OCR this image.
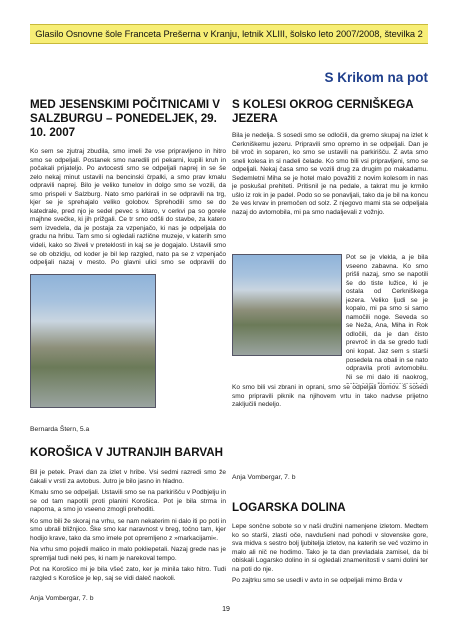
Glasilo Osnovne šole Franceta Prešerna v Kranju, letnik XLIII, šolsko leto 2007/2008, številka 2
S Krikom na pot
MED JESENSKIMI POČITNICAMI V SALZBURGU – PONEDELJEK, 29. 10. 2007

Ko sem se zjutraj zbudila, smo imeli že vse pripravljeno in hitro smo se odpeljali. Postanek smo naredili pri pekarni, kupili kruh in počakali prijateljo. Po avtocesti smo se odpeljali naprej in se še zelo nekaj minut ustavili na bencinski črpalki, a smo prav kmalu odpravili naprej. Bilo je veliko tunelov in dolgo smo se vozili, da smo prispeli v Salzburg. Nato smo parkirali in se odpravili na trg, kjer se je sprehajalo veliko golobov. Sprehodili smo se do katedrale, pred njo je sedel pevec s kitaro, v cerkvi pa so gorele majhne svečke, ki jih prižgali. Ce tr smo odšli do stavbe, za katero sem izvedela, da je postaja za vzpenjačo, ki nas je odpeljala do gradu na hribu. Tam smo si ogledali različne muzeje, v katerih smo videli, kako so živeli v preteklosti in kaj se je dogajalo. Ustavili smo se ob obzidju, od koder je bil lep razgled, nato pa se z vzpenjačo odpeljali nazaj v mesto. Po glavni ulici smo se odpravili do

Bernarda Štern, 5.a
KOROŠICA V JUTRANJIH BARVAH

Bil je petek. Pravi dan za izlet v hribe. Vsi sedmi razredi smo že čakali v vrsti za avtobus. Jutro je bilo jasno in hladno.

Kmalu smo se odpeljali. Ustavili smo se na parkirišču v Podbjelju in se od tam napotili proti planini Korošica. Pot je bila strma in naporna, a smo jo vseeno zmogli prehoditi.

Ko smo bili že skoraj na vrhu, se nam nekaterim ni dalo iti po poti in smo ubrali bližnjico. Ške smo kar naravnost v breg, točno tam, kjer hodijo krave, tako da smo imele pot opremljeno z »markacijami«.

Na vrhu smo pojedli malico in malo pokliepetali. Nazaj grede nas je spremljal tudi neki pes, ki nam je narekoval tempo.

Pot na Korošico mi je bila všeč zato, ker je minila tako hitro. Tudi razgled s Korošice je lep, saj se vidi daleč naokoli.

Anja Vombergar, 7. b
S KOLESI OKROG CERNIŠKEGA JEZERA

Bila je nedelja. S sosedi smo se odločili, da gremo skupaj na izlet k Cerkniškemu jezeru. Pripravili smo opremo in se odpeljali. Dan je bil vroč in soparen, ko smo se ustavili na parkirišču. Z avta smo sneli kolesa in si nadeli čelade. Ko smo bili vsi pripravljeni, smo se odpeljali. Nekaj časa smo se vozili drug za drugim po makadamu. Sedemletni Miha se je hotel malo považiti z novim kolesom in nas je poskušal prehiteti. Pritisnil je na pedale, a takrat mu je krmilo ušlo iz rok in je padel. Podo so se ponavljali, tako da je bil na koncu že ves krvav in premočen od solz. Z njegovo mami sta se odpeljala nazaj do avtomobila, mi pa smo nadaljevali z vožnjo.

Pot se je vlekla, a je bila vseeno zabavna. Ko smo prišli nazaj, smo se napotili še do tiste lužice, ki je ostala od Cerkniškega jezera. Veliko ljudi se je kopalo, mi pa smo si samo namočili noge. Seveda so se Neža, Ana, Miha in Rok odločili, da je dan čisto prevroč in da se gredo tudi oni kopat. Jaz sem s starši posedela na obali in se nato odpravila proti avtomobilu. Ni se mi dalo iti naokrog,

Ko smo bili vsi zbrani in oprani, smo se odpeljali domov. S sosedi smo pripravili piknik na njihovem vrtu in tako nadvse prijetno zaključili nedeljo.

Anja Vombergar, 7. b
LOGARSKA DOLINA

Lepe sončne sobote so v naši družini namenjene izletom. Medtem ko so starši, zlasti oče, navdušeni nad pohodi v slovenske gore, sva midva s sestro bolj ljubitelja izletov, na katerih se več vozimo in malo ali nič ne hodimo. Tako je ta dan prevladala zamisel, da bi obiskali Logarsko dolino in si ogledali znamenitosti v sami dolini ter na poti do nje.

Po zajtrku smo se usedli v avto in se odpeljali mimo Brda v

19
